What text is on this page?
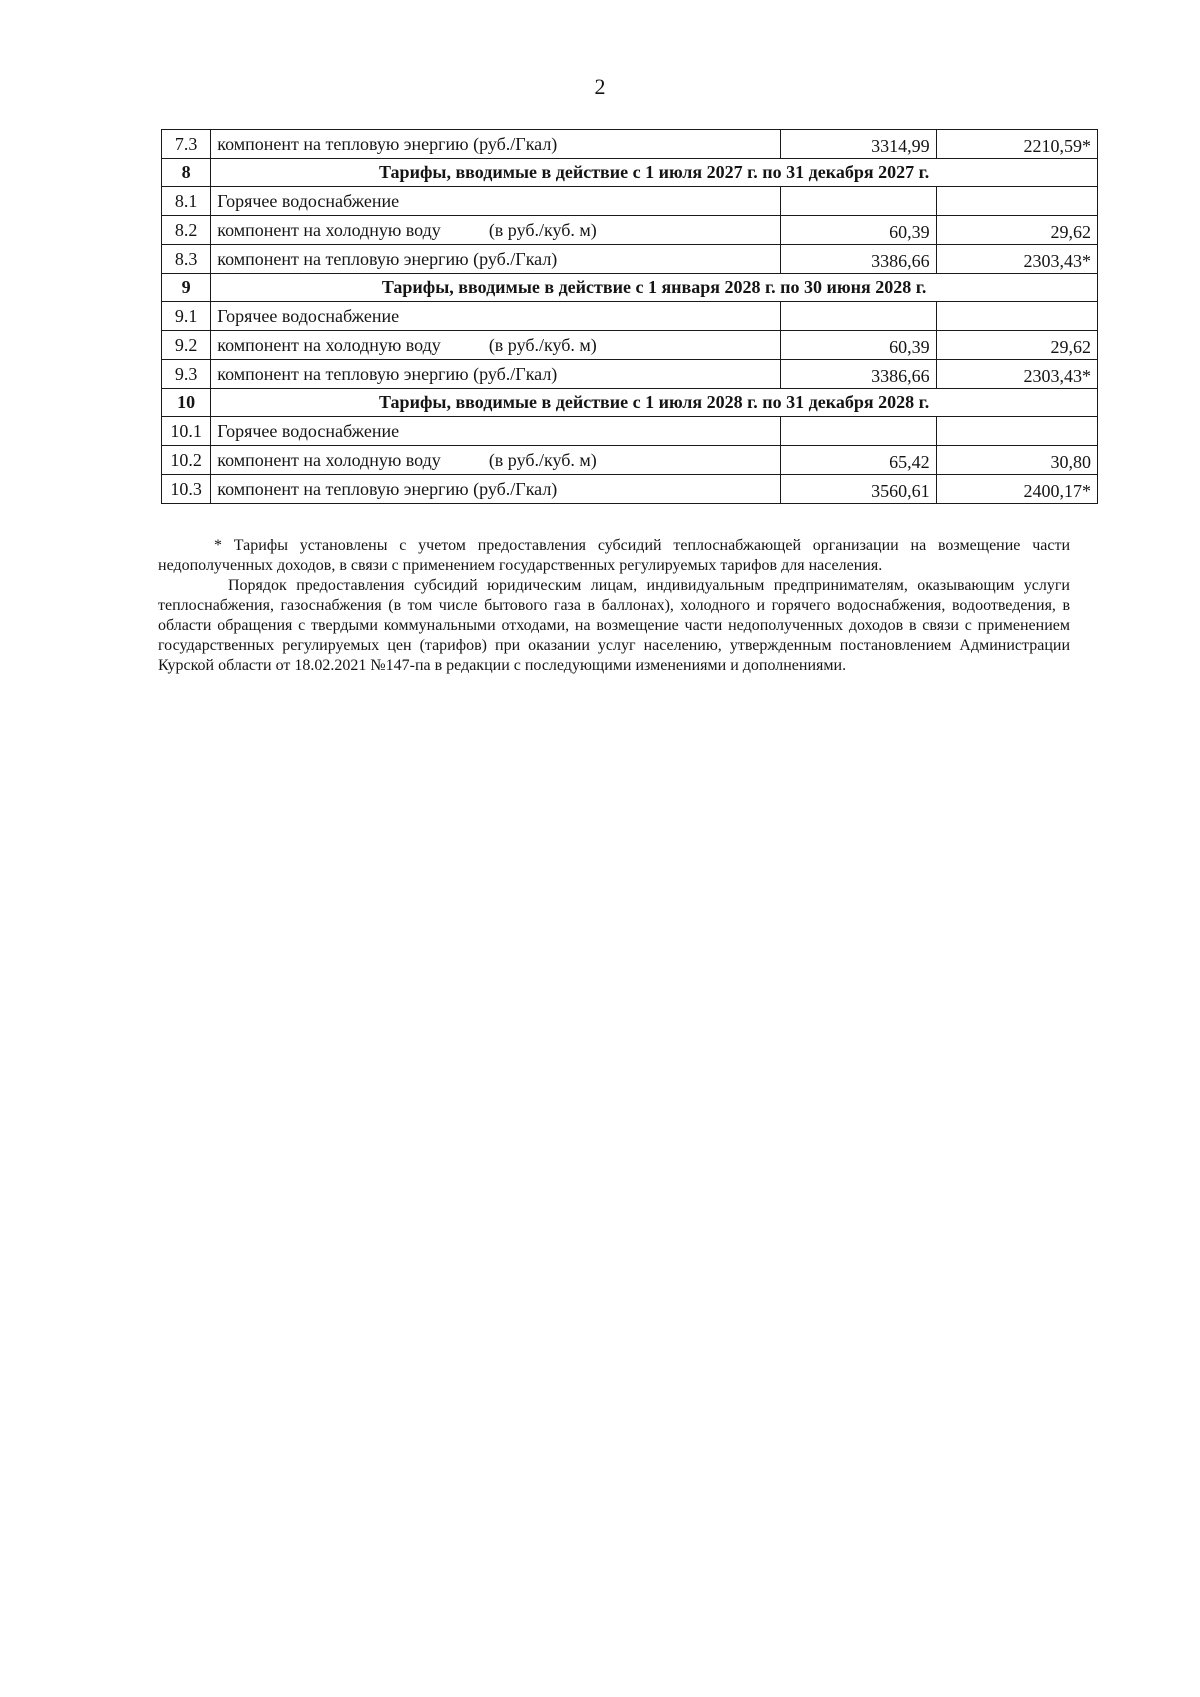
2
7.3	компонент на тепловую энергию (руб./Гкал)	3314,99	2210,59*
8	Тарифы, вводимые в действие с 1 июля 2027 г. по 31 декабря 2027 г.		
8.1	Горячее водоснабжение		
8.2	компонент на холодную воду (в руб./куб. м)	60,39	29,62
8.3	компонент на тепловую энергию (руб./Гкал)	3386,66	2303,43*
9	Тарифы, вводимые в действие с 1 января 2028 г. по 30 июня 2028 г.		
9.1	Горячее водоснабжение		
9.2	компонент на холодную воду (в руб./куб. м)	60,39	29,62
9.3	компонент на тепловую энергию (руб./Гкал)	3386,66	2303,43*
10	Тарифы, вводимые в действие с 1 июля 2028 г. по 31 декабря 2028 г.		
10.1	Горячее водоснабжение		
10.2	компонент на холодную воду (в руб./куб. м)	65,42	30,80
10.3	компонент на тепловую энергию (руб./Гкал)	3560,61	2400,17*

* Тарифы установлены с учетом предоставления субсидий теплоснабжающей организации на возмещение части недополученных доходов, в связи с применением государственных регулируемых тарифов для населения.

Порядок предоставления субсидий юридическим лицам, индивидуальным предпринимателям, оказывающим услуги теплоснабжения, газоснабжения (в том числе бытового газа в баллонах), холодного и горячего водоснабжения, водоотведения, в области обращения с твердыми коммунальными отходами, на возмещение части недополученных доходов в связи с применением государственных регулируемых цен (тарифов) при оказании услуг населению, утвержденным постановлением Администрации Курской области от 18.02.2021 №147-па в редакции с последующими изменениями и дополнениями.
